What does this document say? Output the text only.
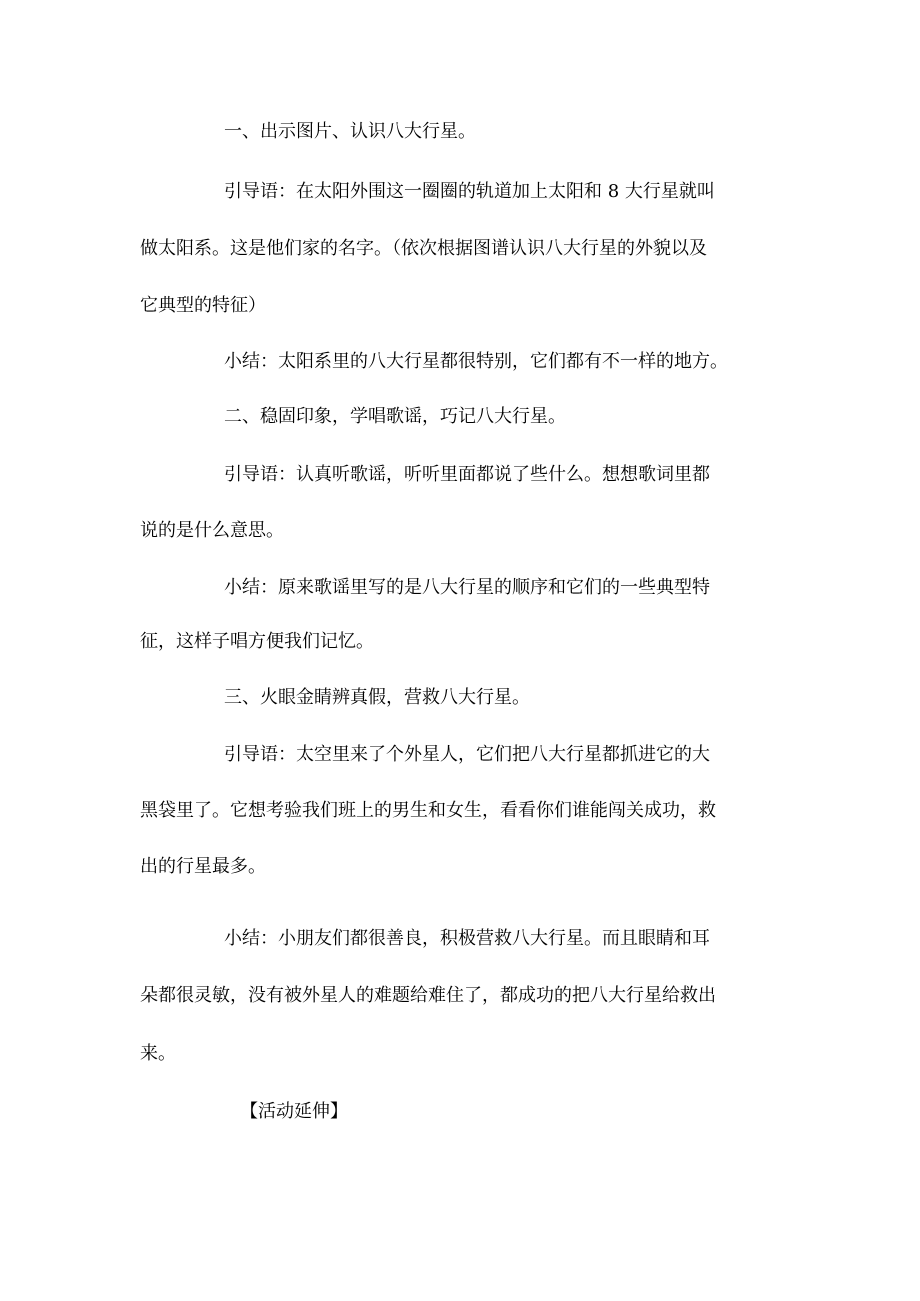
一、出示图片、认识八大行星。

引导语：在太阳外围这一圈圈的轨道加上太阳和 8 大行星就叫

做太阳系。这是他们家的名字。（依次根据图谱认识八大行星的外貌以及

它典型的特征）

小结：太阳系里的八大行星都很特别，它们都有不一样的地方。

二、稳固印象，学唱歌谣，巧记八大行星。

引导语：认真听歌谣，听听里面都说了些什么。想想歌词里都

说的是什么意思。

小结：原来歌谣里写的是八大行星的顺序和它们的一些典型特

征，这样子唱方便我们记忆。

三、火眼金睛辨真假，营救八大行星。

引导语：太空里来了个外星人，它们把八大行星都抓进它的大

黑袋里了。它想考验我们班上的男生和女生，看看你们谁能闯关成功，救

出的行星最多。

小结：小朋友们都很善良，积极营救八大行星。而且眼睛和耳

朵都很灵敏，没有被外星人的难题给难住了，都成功的把八大行星给救出

来。

【活动延伸】
